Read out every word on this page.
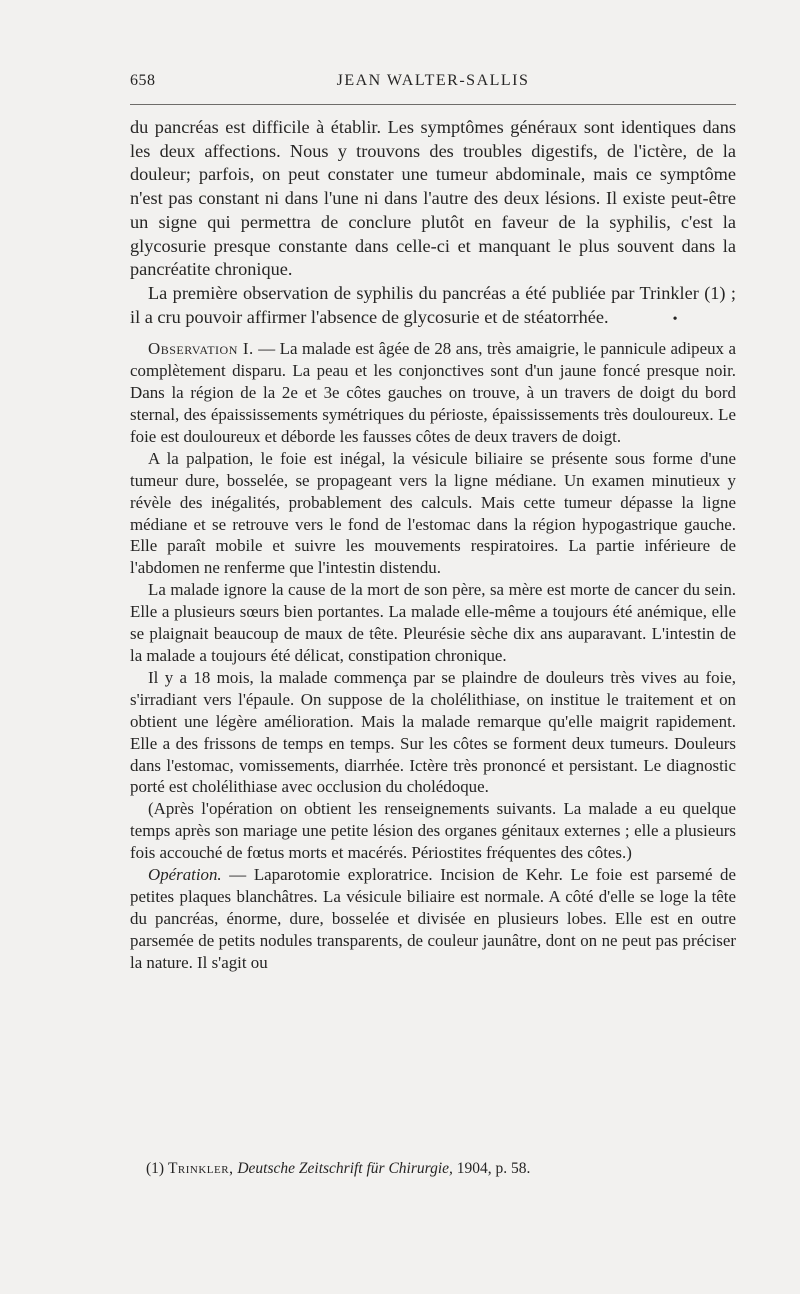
658	JEAN WALTER-SALLIS

du pancréas est difficile à établir. Les symptômes généraux sont identiques dans les deux affections. Nous y trouvons des troubles digestifs, de l'ictère, de la douleur; parfois, on peut constater une tumeur abdominale, mais ce symptôme n'est pas constant ni dans l'une ni dans l'autre des deux lésions. Il existe peut-être un signe qui permettra de conclure plutôt en faveur de la syphilis, c'est la glycosurie presque constante dans celle-ci et manquant le plus souvent dans la pancréatite chronique.

La première observation de syphilis du pancréas a été publiée par Trinkler (1) ; il a cru pouvoir affirmer l'absence de glycosurie et de stéatorrhée.	•

Observation I. — La malade est âgée de 28 ans, très amaigrie, le pannicule adipeux a complètement disparu. La peau et les conjonctives sont d'un jaune foncé presque noir. Dans la région de la 2e et 3e côtes gauches on trouve, à un travers de doigt du bord sternal, des épaississements symétriques du périoste, épaississements très douloureux. Le foie est douloureux et déborde les fausses côtes de deux travers de doigt.

A la palpation, le foie est inégal, la vésicule biliaire se présente sous forme d'une tumeur dure, bosselée, se propageant vers la ligne médiane. Un examen minutieux y révèle des inégalités, probablement des calculs. Mais cette tumeur dépasse la ligne médiane et se retrouve vers le fond de l'estomac dans la région hypogastrique gauche. Elle paraît mobile et suivre les mouvements respiratoires. La partie inférieure de l'abdomen ne renferme que l'intestin distendu.

La malade ignore la cause de la mort de son père, sa mère est morte de cancer du sein. Elle a plusieurs sœurs bien portantes. La malade elle-même a toujours été anémique, elle se plaignait beaucoup de maux de tête. Pleurésie sèche dix ans auparavant. L'intestin de la malade a toujours été délicat, constipation chronique.

Il y a 18 mois, la malade commença par se plaindre de douleurs très vives au foie, s'irradiant vers l'épaule. On suppose de la cholélithiase, on institue le traitement et on obtient une légère amélioration. Mais la malade remarque qu'elle maigrit rapidement. Elle a des frissons de temps en temps. Sur les côtes se forment deux tumeurs. Douleurs dans l'estomac, vomissements, diarrhée. Ictère très prononcé et persistant. Le diagnostic porté est cholélithiase avec occlusion du cholédoque.

(Après l'opération on obtient les renseignements suivants. La malade a eu quelque temps après son mariage une petite lésion des organes génitaux externes ; elle a plusieurs fois accouché de fœtus morts et macérés. Périostites fréquentes des côtes.)

Opération. — Laparotomie exploratrice. Incision de Kehr. Le foie est parsemé de petites plaques blanchâtres. La vésicule biliaire est normale. A côté d'elle se loge la tête du pancréas, énorme, dure, bosselée et divisée en plusieurs lobes. Elle est en outre parsemée de petits nodules transparents, de couleur jaunâtre, dont on ne peut pas préciser la nature. Il s'agit ou

(1) Trinkler, Deutsche Zeitschrift für Chirurgie, 1904, p. 58.
